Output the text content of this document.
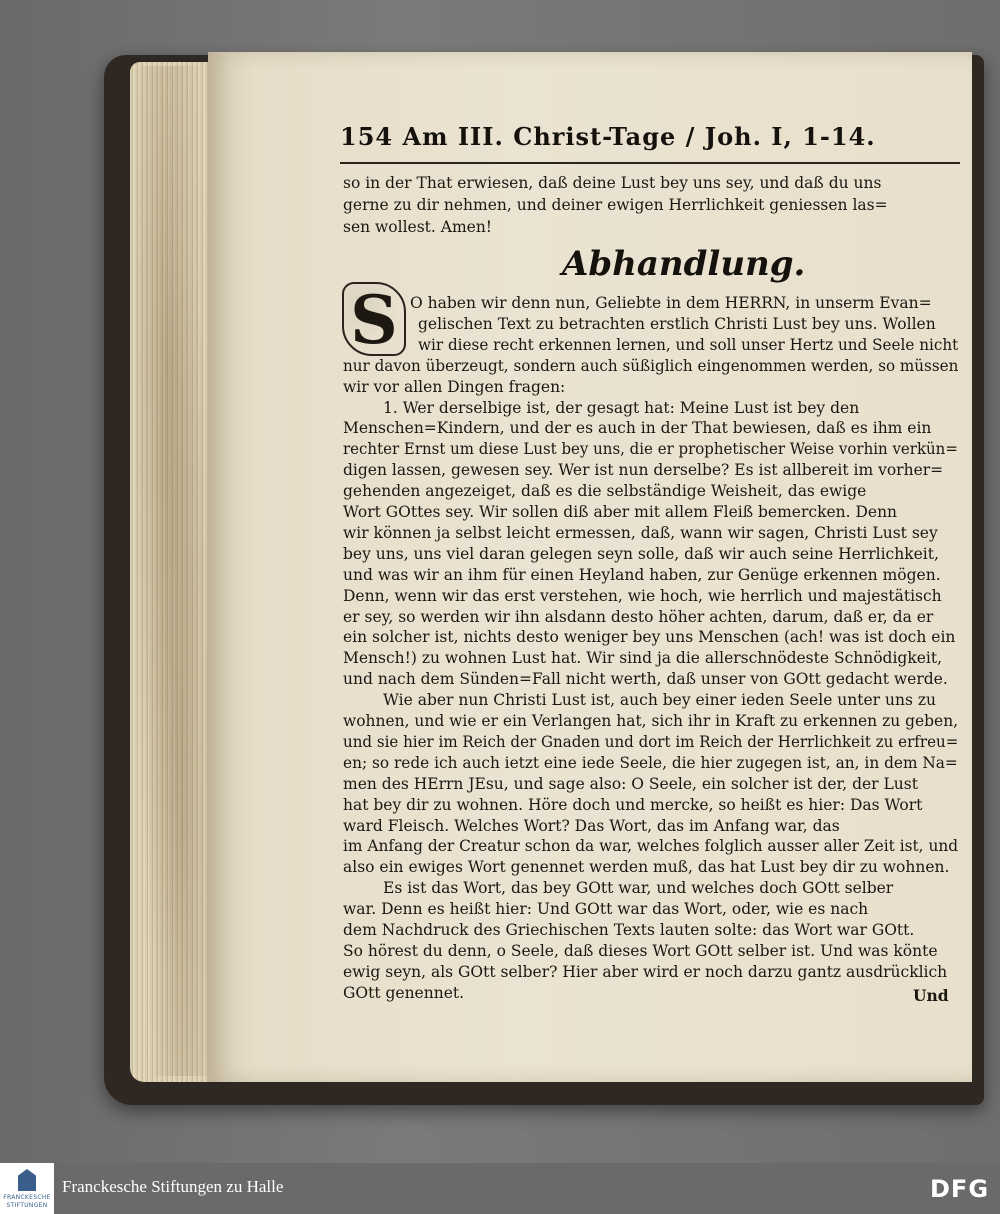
154 Am III. Christ-Tage / Joh. I, 1-14.
so in der That erwiesen, daß deine Lust bey uns sey, und daß du uns
gerne zu dir nehmen, und deiner ewigen Herrlichkeit geniessen las=
sen wollest. Amen!
Abhandlung.
S O haben wir denn nun, Geliebte in dem HERRN, in unserm Evan=
gelischen Text zu betrachten erstlich Christi Lust bey uns. Wollen
wir diese recht erkennen lernen, und soll unser Hertz und Seele nicht
nur davon überzeugt, sondern auch süßiglich eingenommen werden, so müssen
wir vor allen Dingen fragen:
1. Wer derselbige ist, der gesagt hat: Meine Lust ist bey den
Menschen=Kindern, und der es auch in der That bewiesen, daß es ihm ein
rechter Ernst um diese Lust bey uns, die er prophetischer Weise vorhin verkün=
digen lassen, gewesen sey. Wer ist nun derselbe? Es ist allbereit im vorher=
gehenden angezeiget, daß es die selbständige Weisheit, das ewige
Wort GOttes sey. Wir sollen diß aber mit allem Fleiß bemercken. Denn
wir können ja selbst leicht ermessen, daß, wann wir sagen, Christi Lust sey
bey uns, uns viel daran gelegen seyn solle, daß wir auch seine Herrlichkeit,
und was wir an ihm für einen Heyland haben, zur Genüge erkennen mögen.
Denn, wenn wir das erst verstehen, wie hoch, wie herrlich und majestätisch
er sey, so werden wir ihn alsdann desto höher achten, darum, daß er, da er
ein solcher ist, nichts desto weniger bey uns Menschen (ach! was ist doch ein
Mensch!) zu wohnen Lust hat. Wir sind ja die allerschnödeste Schnödigkeit,
und nach dem Sünden=Fall nicht werth, daß unser von GOtt gedacht werde.
Wie aber nun Christi Lust ist, auch bey einer ieden Seele unter uns zu
wohnen, und wie er ein Verlangen hat, sich ihr in Kraft zu erkennen zu geben,
und sie hier im Reich der Gnaden und dort im Reich der Herrlichkeit zu erfreu=
en; so rede ich auch ietzt eine iede Seele, die hier zugegen ist, an, in dem Na=
men des HErrn JEsu, und sage also: O Seele, ein solcher ist der, der Lust
hat bey dir zu wohnen. Höre doch und mercke, so heißt es hier: Das Wort
ward Fleisch. Welches Wort? Das Wort, das im Anfang war, das
im Anfang der Creatur schon da war, welches folglich ausser aller Zeit ist, und
also ein ewiges Wort genennet werden muß, das hat Lust bey dir zu wohnen.
Es ist das Wort, das bey GOtt war, und welches doch GOtt selber
war. Denn es heißt hier: Und GOtt war das Wort, oder, wie es nach
dem Nachdruck des Griechischen Texts lauten solte: das Wort war GOtt.
So hörest du denn, o Seele, daß dieses Wort GOtt selber ist. Und was könte
ewig seyn, als GOtt selber? Hier aber wird er noch darzu gantz ausdrücklich
GOtt genennet.	Und
FRANCKESCHE
STIFTUNGEN
Franckesche Stiftungen zu Halle	DFG
